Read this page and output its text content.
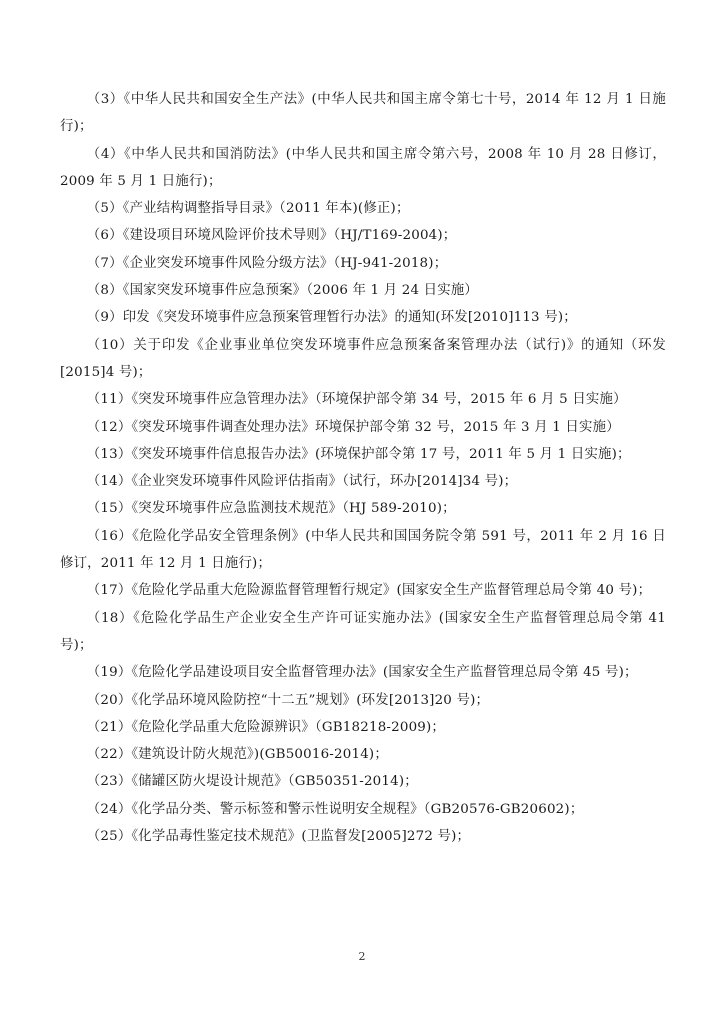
（3）《中华人民共和国安全生产法》(中华人民共和国主席令第七十号，2014 年 12 月 1 日施行)；

（4）《中华人民共和国消防法》(中华人民共和国主席令第六号，2008 年 10 月 28 日修订，2009 年 5 月 1 日施行)；

（5）《产业结构调整指导目录》（2011 年本)(修正)；

（6）《建设项目环境风险评价技术导则》（HJ/T169-2004)；

（7）《企业突发环境事件风险分级方法》（HJ-941-2018)；

（8）《国家突发环境事件应急预案》（2006 年 1 月 24 日实施）

（9）印发《突发环境事件应急预案管理暂行办法》的通知(环发[2010]113 号)；

（10）关于印发《企业事业单位突发环境事件应急预案备案管理办法（试行)》的通知（环发[2015]4 号)；

（11）《突发环境事件应急管理办法》（环境保护部令第 34 号，2015 年 6 月 5 日实施）

（12）《突发环境事件调查处理办法》环境保护部令第 32 号，2015 年 3 月 1 日实施）

（13）《突发环境事件信息报告办法》(环境保护部令第 17 号，2011 年 5 月 1 日实施)；

（14）《企业突发环境事件风险评估指南》（试行，环办[2014]34 号)；

（15）《突发环境事件应急监测技术规范》（HJ 589-2010)；

（16）《危险化学品安全管理条例》(中华人民共和国国务院令第 591 号，2011 年 2 月 16 日修订，2011 年 12 月 1 日施行)；

（17）《危险化学品重大危险源监督管理暂行规定》(国家安全生产监督管理总局令第 40 号)；

（18）《危险化学品生产企业安全生产许可证实施办法》(国家安全生产监督管理总局令第 41 号)；

（19）《危险化学品建设项目安全监督管理办法》(国家安全生产监督管理总局令第 45 号)；

（20）《化学品环境风险防控“十二五”规划》(环发[2013]20 号)；

（21）《危险化学品重大危险源辨识》（GB18218-2009)；

（22）《建筑设计防火规范》)(GB50016-2014)；

（23）《储罐区防火堤设计规范》（GB50351-2014)；

（24）《化学品分类、警示标签和警示性说明安全规程》（GB20576-GB20602)；

（25）《化学品毒性鉴定技术规范》(卫监督发[2005]272 号)；

2
